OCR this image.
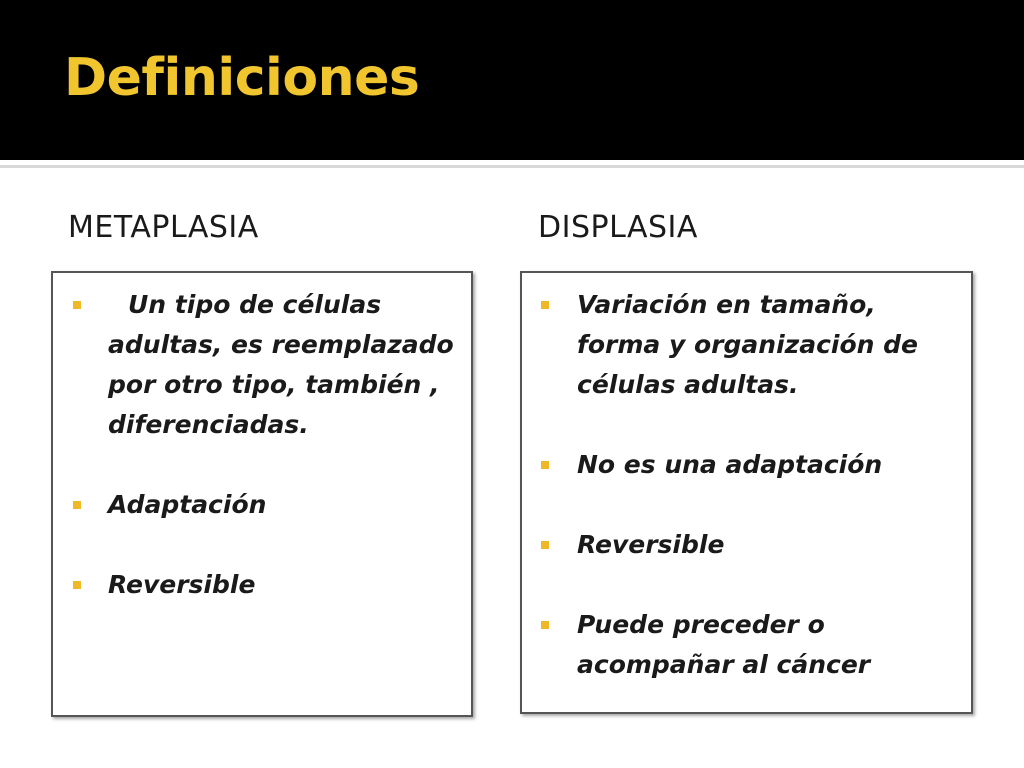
Definiciones
METAPLASIA	DISPLASIA
Un tipo de células adultas, es reemplazado por otro tipo, también , diferenciadas.
Adaptación
Reversible
Variación en tamaño, forma y organización de células adultas.
No es una adaptación
Reversible
Puede preceder o acompañar al cáncer
